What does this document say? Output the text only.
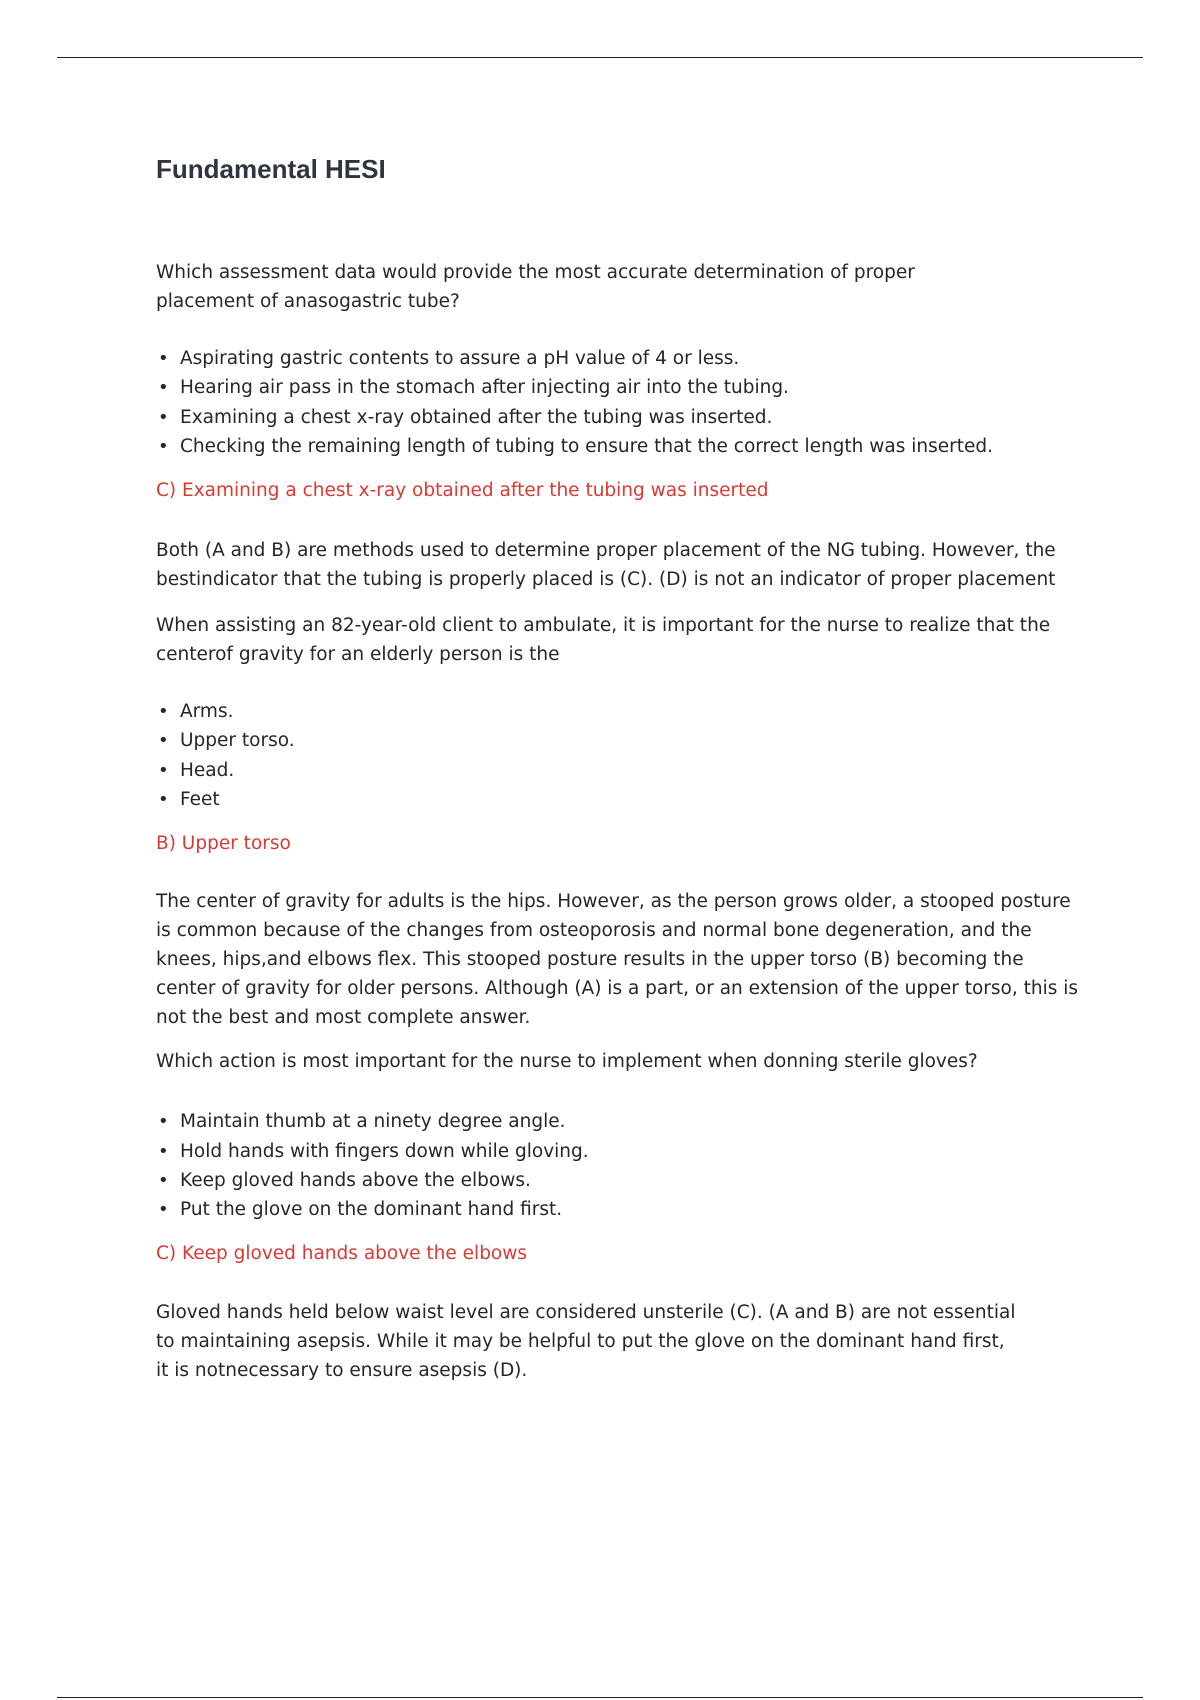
Fundamental HESI

Which assessment data would provide the most accurate determination of proper placement of anasogastric tube?

• Aspirating gastric contents to assure a pH value of 4 or less.
• Hearing air pass in the stomach after injecting air into the tubing.
• Examining a chest x-ray obtained after the tubing was inserted.
• Checking the remaining length of tubing to ensure that the correct length was inserted.

C) Examining a chest x-ray obtained after the tubing was inserted

Both (A and B) are methods used to determine proper placement of the NG tubing. However, the bestindicator that the tubing is properly placed is (C). (D) is not an indicator of proper placement

When assisting an 82-year-old client to ambulate, it is important for the nurse to realize that the centerof gravity for an elderly person is the

• Arms.
• Upper torso.
• Head.
• Feet

B) Upper torso

The center of gravity for adults is the hips. However, as the person grows older, a stooped posture is common because of the changes from osteoporosis and normal bone degeneration, and the knees, hips,and elbows flex. This stooped posture results in the upper torso (B) becoming the center of gravity for older persons. Although (A) is a part, or an extension of the upper torso, this is not the best and most complete answer.

Which action is most important for the nurse to implement when donning sterile gloves?

• Maintain thumb at a ninety degree angle.
• Hold hands with fingers down while gloving.
• Keep gloved hands above the elbows.
• Put the glove on the dominant hand first.

C) Keep gloved hands above the elbows

Gloved hands held below waist level are considered unsterile (C). (A and B) are not essential to maintaining asepsis. While it may be helpful to put the glove on the dominant hand first, it is notnecessary to ensure asepsis (D).
